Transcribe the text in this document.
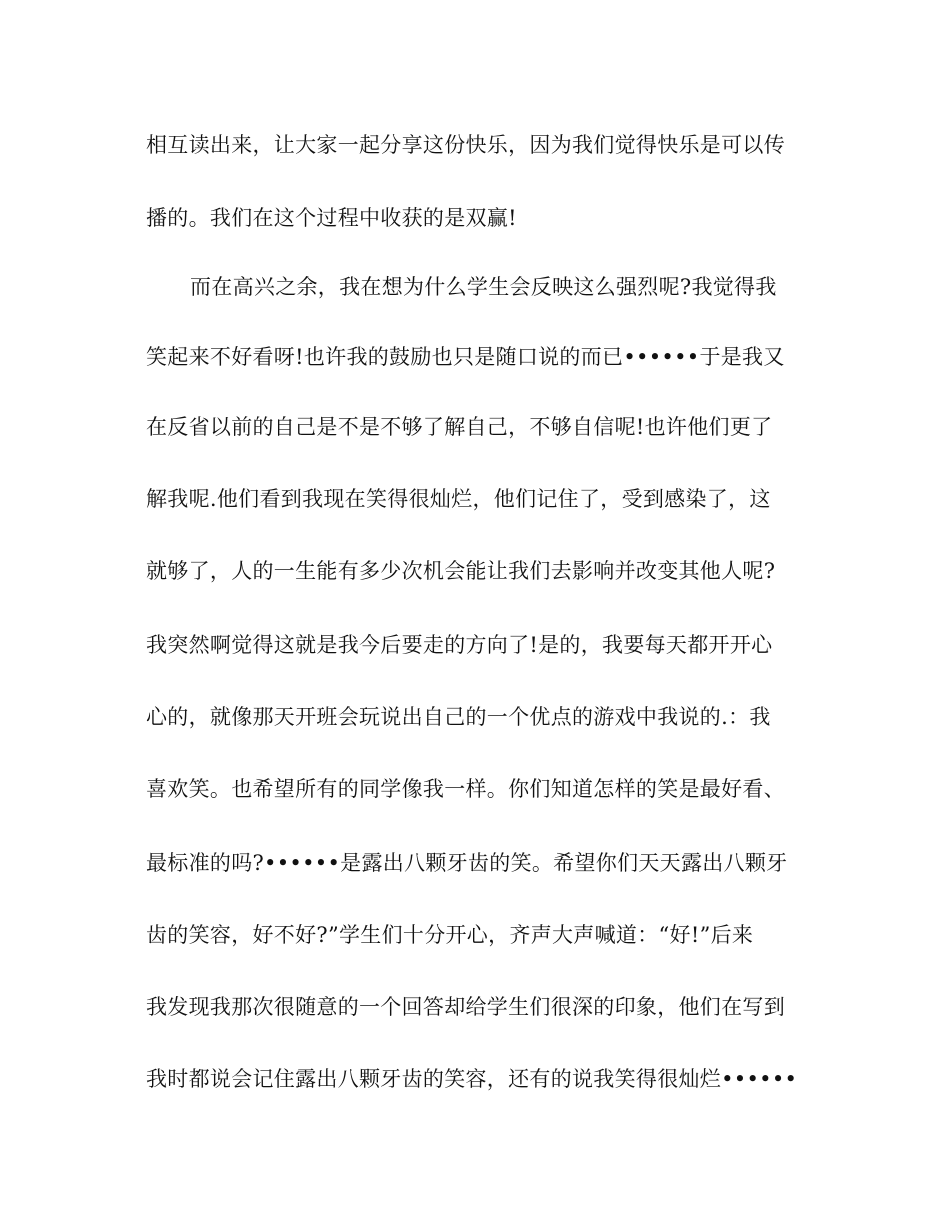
相互读出来，让大家一起分享这份快乐，因为我们觉得快乐是可以传
播的。我们在这个过程中收获的是双赢!
而在高兴之余，我在想为什么学生会反映这么强烈呢?我觉得我
笑起来不好看呀!也许我的鼓励也只是随口说的而已••••••于是我又
在反省以前的自己是不是不够了解自己，不够自信呢!也许他们更了
解我呢.他们看到我现在笑得很灿烂，他们记住了，受到感染了，这
就够了，人的一生能有多少次机会能让我们去影响并改变其他人呢?
我突然啊觉得这就是我今后要走的方向了!是的，我要每天都开开心
心的，就像那天开班会玩说出自己的一个优点的游戏中我说的.：我
喜欢笑。也希望所有的同学像我一样。你们知道怎样的笑是最好看、
最标准的吗?••••••是露出八颗牙齿的笑。希望你们天天露出八颗牙
齿的笑容，好不好?”学生们十分开心，齐声大声喊道：“好!”后来
我发现我那次很随意的一个回答却给学生们很深的印象，他们在写到
我时都说会记住露出八颗牙齿的笑容，还有的说我笑得很灿烂••••••
